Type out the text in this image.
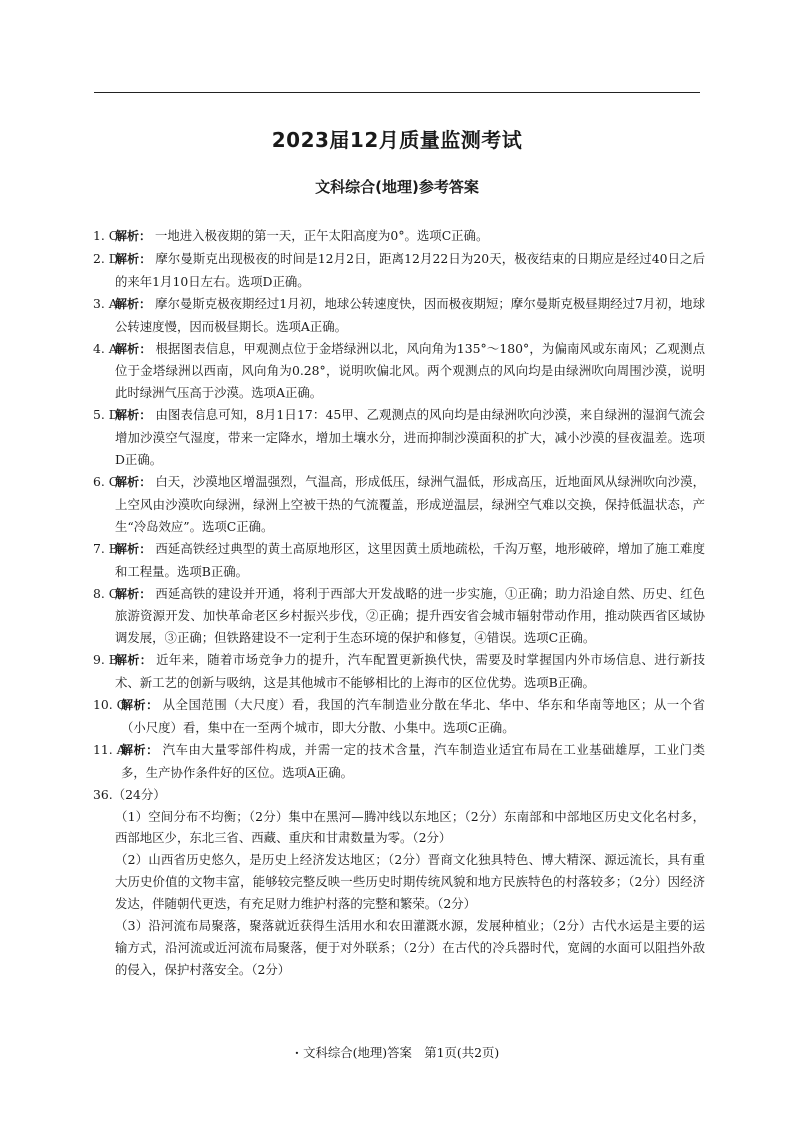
2023届12月质量监测考试
文科综合(地理)参考答案
1. C
解析： 一地进入极夜期的第一天，正午太阳高度为0°。选项C正确。
2. D
解析： 摩尔曼斯克出现极夜的时间是12月2日，距离12月22日为20天，极夜结束的日期应是经过40日之后的来年1月10日左右。选项D正确。
3. A
解析： 摩尔曼斯克极夜期经过1月初，地球公转速度快，因而极夜期短；摩尔曼斯克极昼期经过7月初，地球公转速度慢，因而极昼期长。选项A正确。
4. A
解析： 根据图表信息，甲观测点位于金塔绿洲以北，风向角为135°～180°，为偏南风或东南风；乙观测点位于金塔绿洲以西南，风向角为0.28°，说明吹偏北风。两个观测点的风向均是由绿洲吹向周围沙漠，说明此时绿洲气压高于沙漠。选项A正确。
5. D
解析： 由图表信息可知，8月1日17：45甲、乙观测点的风向均是由绿洲吹向沙漠，来自绿洲的湿润气流会增加沙漠空气湿度，带来一定降水，增加土壤水分，进而抑制沙漠面积的扩大，减小沙漠的昼夜温差。选项D正确。
6. C
解析： 白天，沙漠地区增温强烈，气温高，形成低压，绿洲气温低，形成高压，近地面风从绿洲吹向沙漠，上空风由沙漠吹向绿洲，绿洲上空被干热的气流覆盖，形成逆温层，绿洲空气难以交换，保持低温状态，产生“冷岛效应”。选项C正确。
7. B
解析： 西延高铁经过典型的黄土高原地形区，这里因黄土质地疏松，千沟万壑，地形破碎，增加了施工难度和工程量。选项B正确。
8. C
解析： 西延高铁的建设并开通，将利于西部大开发战略的进一步实施，①正确；助力沿途自然、历史、红色旅游资源开发、加快革命老区乡村振兴步伐，②正确；提升西安省会城市辐射带动作用，推动陕西省区域协调发展，③正确；但铁路建设不一定利于生态环境的保护和修复，④错误。选项C正确。
9. B
解析： 近年来，随着市场竞争力的提升，汽车配置更新换代快，需要及时掌握国内外市场信息、进行新技术、新工艺的创新与吸纳，这是其他城市不能够相比的上海市的区位优势。选项B正确。
10. C
解析： 从全国范围（大尺度）看，我国的汽车制造业分散在华北、华中、华东和华南等地区；从一个省（小尺度）看，集中在一至两个城市，即大分散、小集中。选项C正确。
11. A
解析： 汽车由大量零部件构成，并需一定的技术含量，汽车制造业适宜布局在工业基础雄厚，工业门类多，生产协作条件好的区位。选项A正确。
36.（24分）
（1）空间分布不均衡；（2分）集中在黑河—腾冲线以东地区；（2分）东南部和中部地区历史文化名村多，西部地区少，东北三省、西藏、重庆和甘肃数量为零。（2分）
（2）山西省历史悠久，是历史上经济发达地区；（2分）晋商文化独具特色、博大精深、源远流长，具有重大历史价值的文物丰富，能够较完整反映一些历史时期传统风貌和地方民族特色的村落较多；（2分）因经济发达，伴随朝代更迭，有充足财力维护村落的完整和繁荣。（2分）
（3）沿河流布局聚落，聚落就近获得生活用水和农田灌溉水源，发展种植业；（2分）古代水运是主要的运输方式，沿河流或近河流布局聚落，便于对外联系；（2分）在古代的冷兵器时代，宽阔的水面可以阻挡外敌的侵入，保护村落安全。（2分）
· 文科综合(地理)答案　第1页(共2页)
